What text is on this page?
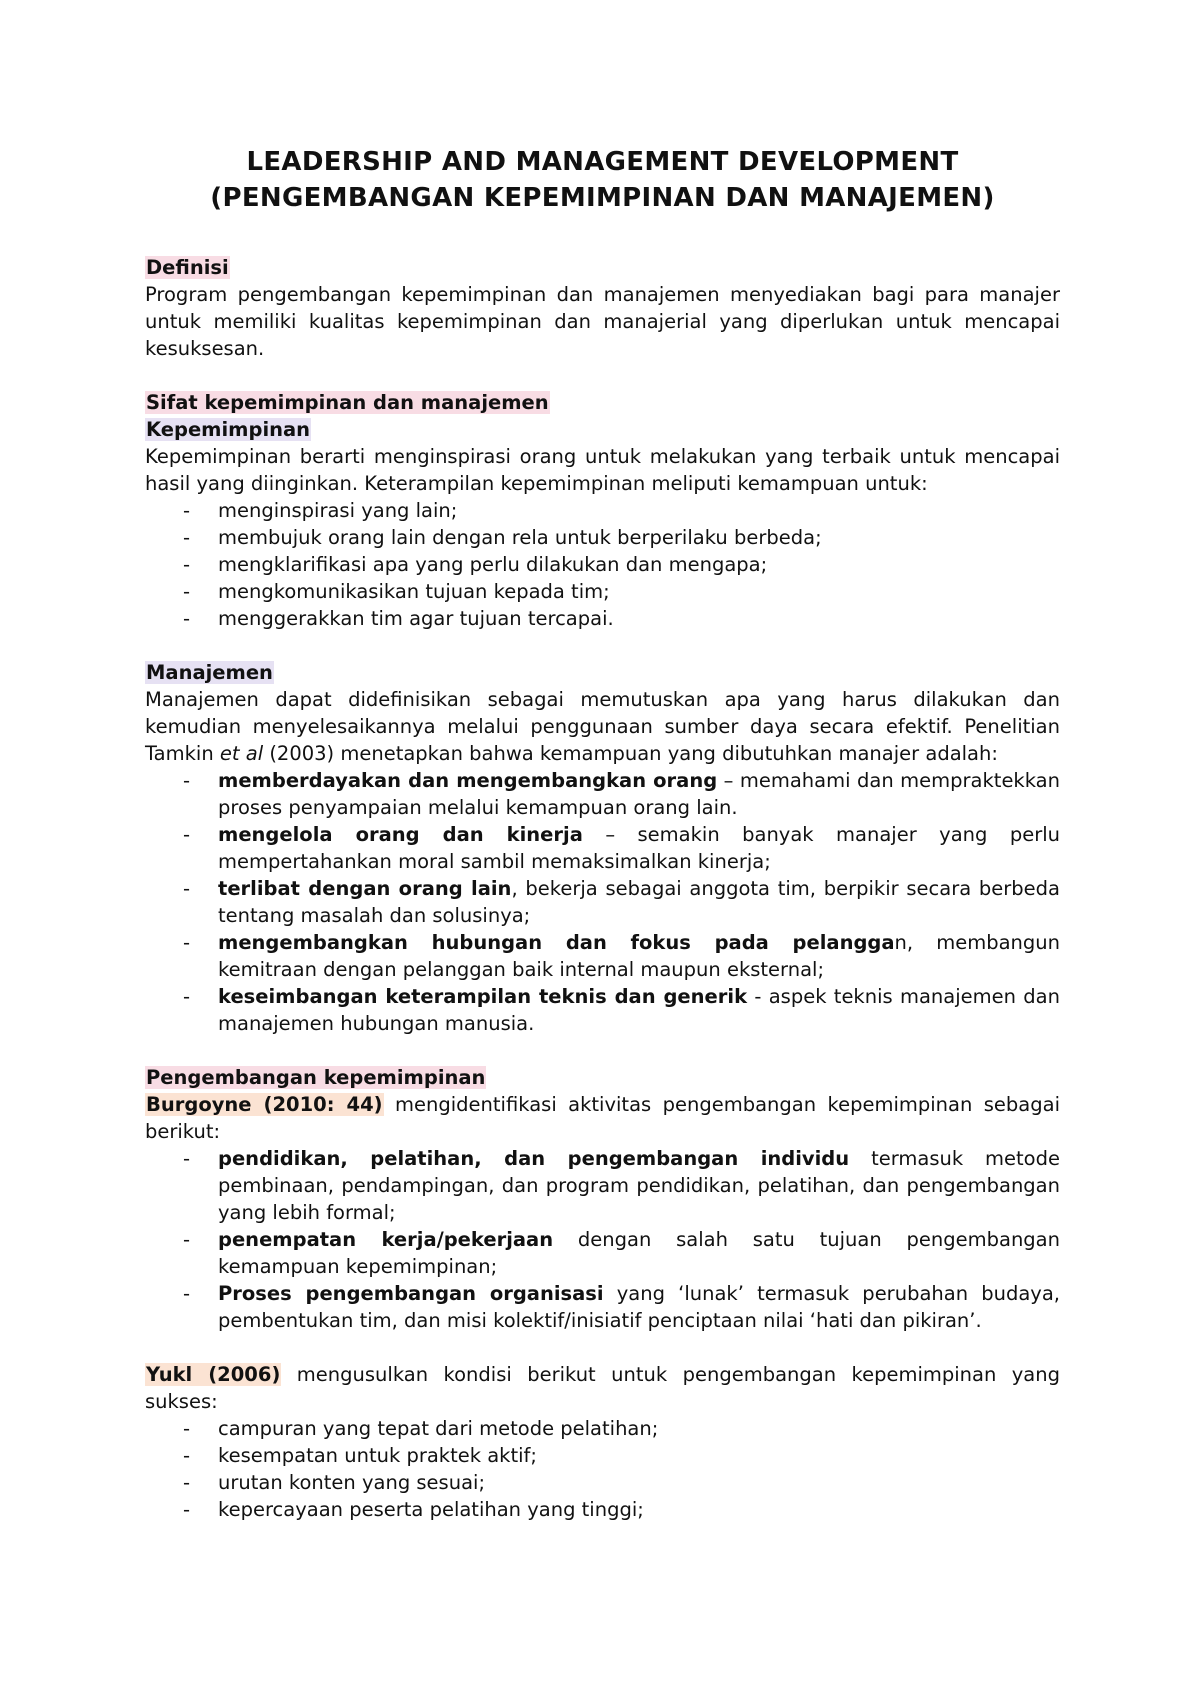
LEADERSHIP AND MANAGEMENT DEVELOPMENT
(PENGEMBANGAN KEPEMIMPINAN DAN MANAJEMEN)

Definisi

Program pengembangan kepemimpinan dan manajemen menyediakan bagi para manajer untuk memiliki kualitas kepemimpinan dan manajerial yang diperlukan untuk mencapai kesuksesan.

Sifat kepemimpinan dan manajemen

Kepemimpinan

Kepemimpinan berarti menginspirasi orang untuk melakukan yang terbaik untuk mencapai hasil yang diinginkan. Keterampilan kepemimpinan meliputi kemampuan untuk:

- menginspirasi yang lain;
- membujuk orang lain dengan rela untuk berperilaku berbeda;
- mengklarifikasi apa yang perlu dilakukan dan mengapa;
- mengkomunikasikan tujuan kepada tim;
- menggerakkan tim agar tujuan tercapai.

Manajemen

Manajemen dapat didefinisikan sebagai memutuskan apa yang harus dilakukan dan kemudian menyelesaikannya melalui penggunaan sumber daya secara efektif. Penelitian Tamkin et al (2003) menetapkan bahwa kemampuan yang dibutuhkan manajer adalah:

- memberdayakan dan mengembangkan orang – memahami dan mempraktekkan proses penyampaian melalui kemampuan orang lain.
- mengelola orang dan kinerja – semakin banyak manajer yang perlu mempertahankan moral sambil memaksimalkan kinerja;
- terlibat dengan orang lain, bekerja sebagai anggota tim, berpikir secara berbeda tentang masalah dan solusinya;
- mengembangkan hubungan dan fokus pada pelanggan, membangun kemitraan dengan pelanggan baik internal maupun eksternal;
- keseimbangan keterampilan teknis dan generik - aspek teknis manajemen dan manajemen hubungan manusia.

Pengembangan kepemimpinan

Burgoyne (2010: 44) mengidentifikasi aktivitas pengembangan kepemimpinan sebagai berikut:

- pendidikan, pelatihan, dan pengembangan individu termasuk metode pembinaan, pendampingan, dan program pendidikan, pelatihan, dan pengembangan yang lebih formal;
- penempatan kerja/pekerjaan dengan salah satu tujuan pengembangan kemampuan kepemimpinan;
- Proses pengembangan organisasi yang ‘lunak’ termasuk perubahan budaya, pembentukan tim, dan misi kolektif/inisiatif penciptaan nilai ‘hati dan pikiran’.

Yukl (2006) mengusulkan kondisi berikut untuk pengembangan kepemimpinan yang sukses:

- campuran yang tepat dari metode pelatihan;
- kesempatan untuk praktek aktif;
- urutan konten yang sesuai;
- kepercayaan peserta pelatihan yang tinggi;
